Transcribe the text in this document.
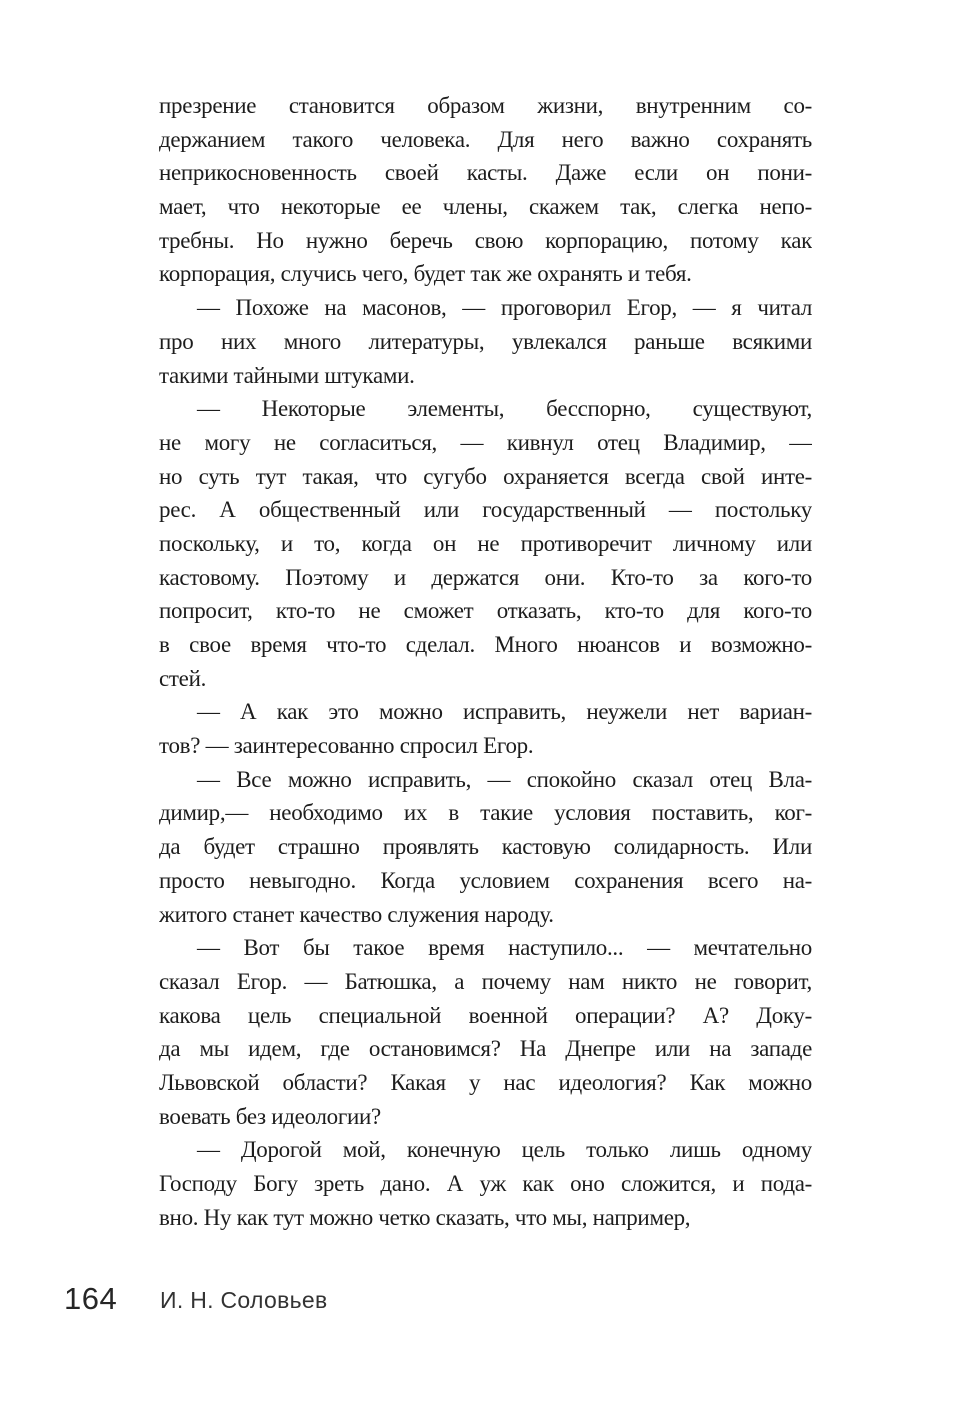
презрение становится образом жизни, внутренним со-
держанием такого человека. Для него важно сохранять
неприкосновенность своей касты. Даже если он пони-
мает, что некоторые ее члены, скажем так, слегка непо-
требны. Но нужно беречь свою корпорацию, потому как
корпорация, случись чего, будет так же охранять и тебя.
— Похоже на масонов, — проговорил Егор, — я читал
про них много литературы, увлекался раньше всякими
такими тайными штуками.
— Некоторые элементы, бесспорно, существуют,
не могу не согласиться, — кивнул отец Владимир, —
но суть тут такая, что сугубо охраняется всегда свой инте-
рес. А общественный или государственный — постольку
поскольку, и то, когда он не противоречит личному или
кастовому. Поэтому и держатся они. Кто-то за кого-то
попросит, кто-то не сможет отказать, кто-то для кого-то
в свое время что-то сделал. Много нюансов и возможно-
стей.
— А как это можно исправить, неужели нет вариан-
тов? — заинтересованно спросил Егор.
— Все можно исправить, — спокойно сказал отец Вла-
димир,— необходимо их в такие условия поставить, ког-
да будет страшно проявлять кастовую солидарность. Или
просто невыгодно. Когда условием сохранения всего на-
житого станет качество служения народу.
— Вот бы такое время наступило... — мечтательно
сказал Егор. — Батюшка, а почему нам никто не говорит,
какова цель специальной военной операции? А? Доку-
да мы идем, где остановимся? На Днепре или на западе
Львовской области? Какая у нас идеология? Как можно
воевать без идеологии?
— Дорогой мой, конечную цель только лишь одному
Господу Богу зреть дано. А уж как оно сложится, и пода-
вно. Ну как тут можно четко сказать, что мы, например,
164 И. Н. Соловьев
